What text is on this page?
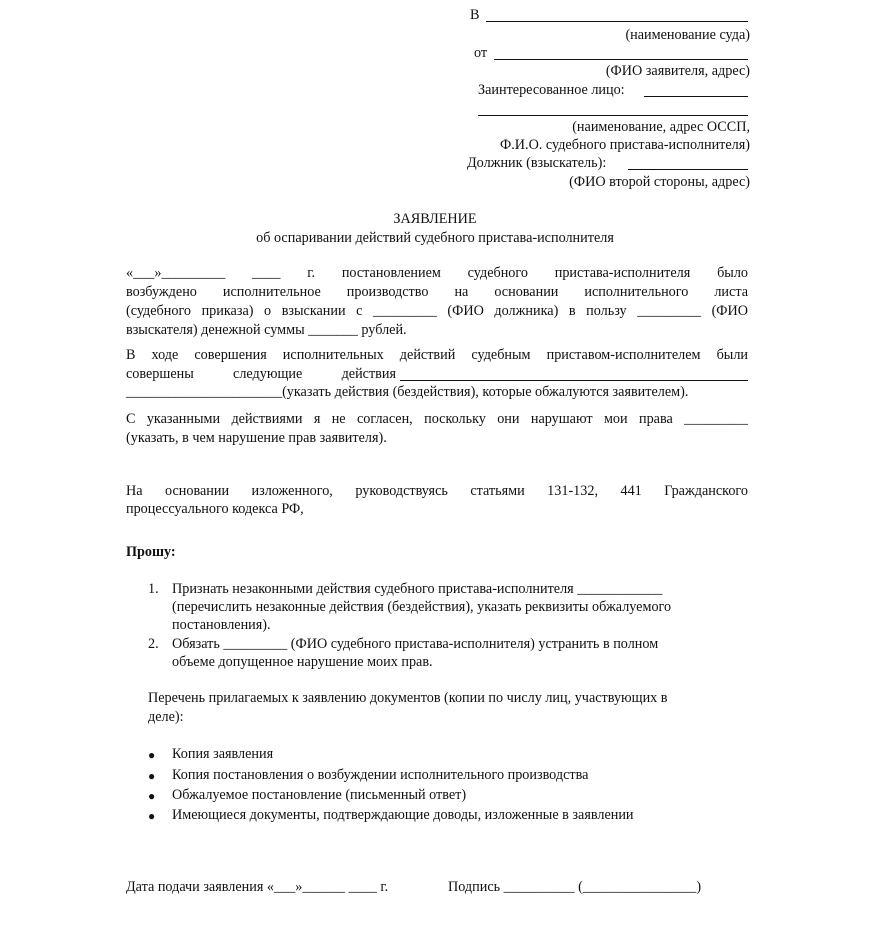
В
(наименование суда)
от
(ФИО заявителя, адрес)
Заинтересованное лицо:
(наименование, адрес ОССП,
Ф.И.О. судебного пристава-исполнителя)
Должник (взыскатель):
(ФИО второй стороны, адрес)
ЗАЯВЛЕНИЕ
об оспаривании действий судебного пристава-исполнителя

«___»_________ ____ г. постановлением судебного пристава-исполнителя было

возбуждено исполнительное производство на основании исполнительного листа

(судебного приказа) о взыскании с _________ (ФИО должника) в пользу _________ (ФИО

взыскателя) денежной суммы _______ рублей.

В ходе совершения исполнительных действий судебным приставом-исполнителем были

совершены следующие действия

______________________(указать действия (бездействия), которые обжалуются заявителем).

С указанными действиями я не согласен, поскольку они нарушают мои права _________

(указать, в чем нарушение прав заявителя).

На основании изложенного, руководствуясь статьями 131-132, 441 Гражданского

процессуального кодекса РФ,

Прошу:

1. Признать незаконными действия судебного пристава-исполнителя ____________

(перечислить незаконные действия (бездействия), указать реквизиты обжалуемого

постановления).

2. Обязать _________ (ФИО судебного пристава-исполнителя) устранить в полном

объеме допущенное нарушение моих прав.

Перечень прилагаемых к заявлению документов (копии по числу лиц, участвующих в

деле):

● Копия заявления

● Копия постановления о возбуждении исполнительного производства

● Обжалуемое постановление (письменный ответ)

● Имеющиеся документы, подтверждающие доводы, изложенные в заявлении

Дата подачи заявления «___»______ ____ г.	Подпись __________ (________________)
